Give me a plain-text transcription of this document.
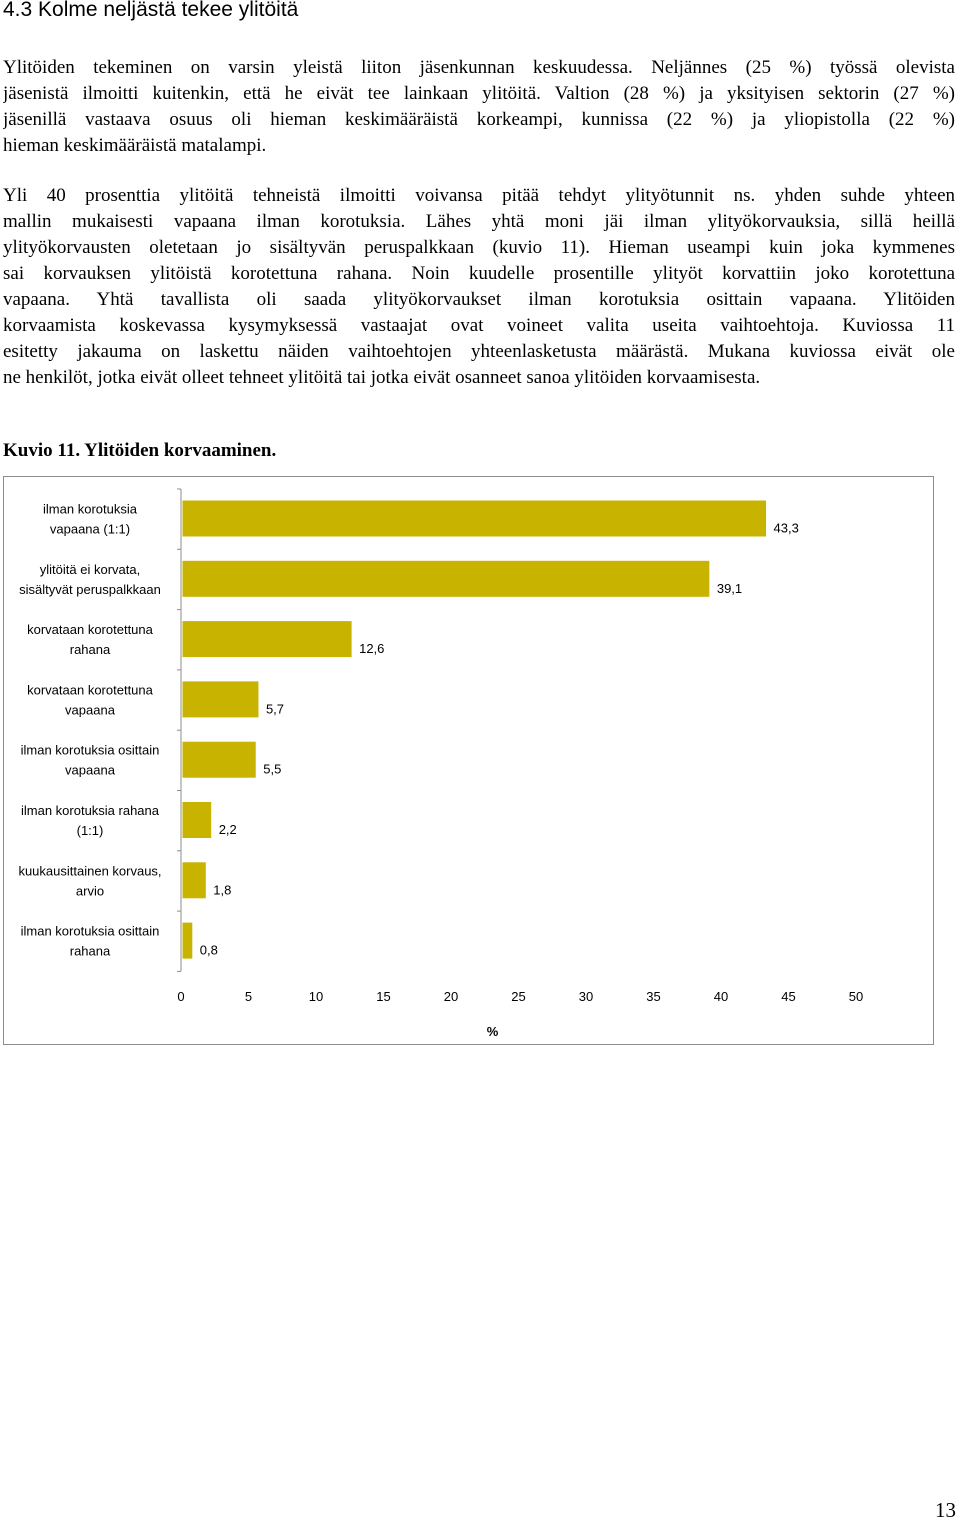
4.3 Kolme neljästä tekee ylitöitä
Ylitöiden tekeminen on varsin yleistä liiton jäsenkunnan keskuudessa. Neljännes (25 %) työssä olevista
jäsenistä ilmoitti kuitenkin, että he eivät tee lainkaan ylitöitä. Valtion (28 %) ja yksityisen sektorin (27 %)
jäsenillä vastaava osuus oli hieman keskimääräistä korkeampi, kunnissa (22 %) ja yliopistolla (22 %)
hieman keskimääräistä matalampi.
Yli 40 prosenttia ylitöitä tehneistä ilmoitti voivansa pitää tehdyt ylityötunnit ns. yhden suhde yhteen
mallin mukaisesti vapaana ilman korotuksia. Lähes yhtä moni jäi ilman ylityökorvauksia, sillä heillä
ylityökorvausten oletetaan jo sisältyvän peruspalkkaan (kuvio 11). Hieman useampi kuin joka kymmenes
sai korvauksen ylitöistä korotettuna rahana. Noin kuudelle prosentille ylityöt korvattiin joko korotettuna
vapaana. Yhtä tavallista oli saada ylityökorvaukset ilman korotuksia osittain vapaana. Ylitöiden
korvaamista koskevassa kysymyksessä vastaajat ovat voineet valita useita vaihtoehtoja. Kuviossa 11
esitetty jakauma on laskettu näiden vaihtoehtojen yhteenlasketusta määrästä. Mukana kuviossa eivät ole
ne henkilöt, jotka eivät olleet tehneet ylitöitä tai jotka eivät osanneet sanoa ylitöiden korvaamisesta.

Kuvio 11. Ylitöiden korvaaminen.

ilman korotuksia vapaana (1:1)	43,3
ylitöitä ei korvata, sisältyvät peruspalkkaan	39,1
korvataan korotettuna rahana	12,6
korvataan korotettuna vapaana	5,7
ilman korotuksia osittain vapaana	5,5
ilman korotuksia rahana (1:1)	2,2
kuukausittainen korvaus, arvio	1,8
ilman korotuksia osittain rahana	0,8
0	5	10	15	20	25	30	35	40	45	50
%

13
